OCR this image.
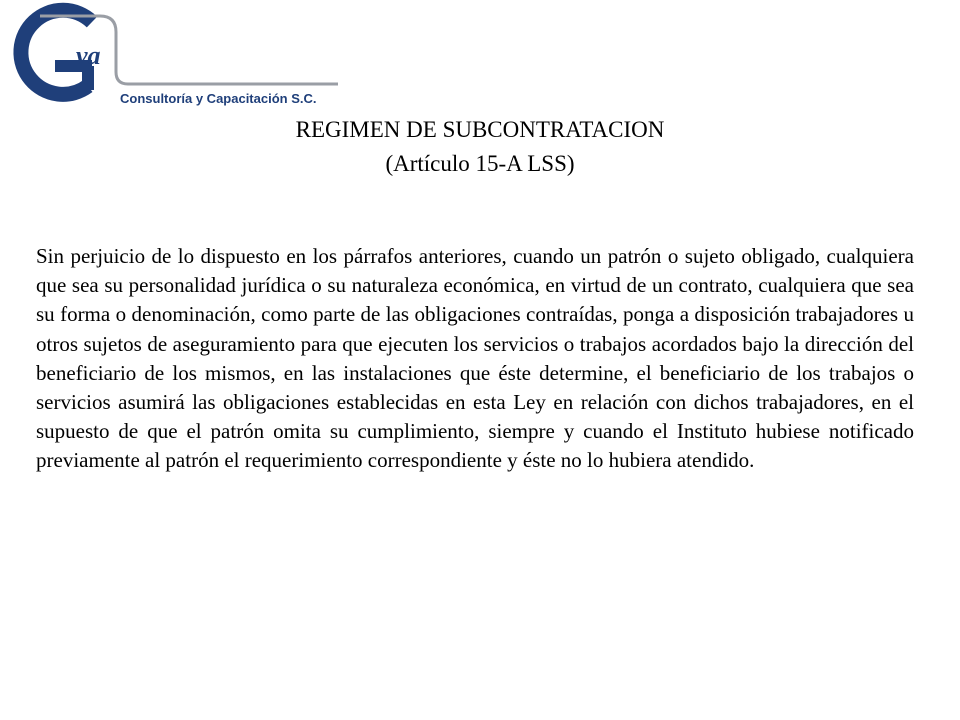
va
Consultoría y Capacitación S.C.
REGIMEN DE SUBCONTRATACION
(Artículo 15-A LSS)

Sin perjuicio de lo dispuesto en los párrafos anteriores, cuando un patrón o sujeto obligado, cualquiera que sea su personalidad jurídica o su naturaleza económica, en virtud de un contrato, cualquiera que sea su forma o denominación, como parte de las obligaciones contraídas, ponga a disposición trabajadores u otros sujetos de aseguramiento para que ejecuten los servicios o trabajos acordados bajo la dirección del beneficiario de los mismos, en las instalaciones que éste determine, el beneficiario de los trabajos o servicios asumirá las obligaciones establecidas en esta Ley en relación con dichos trabajadores, en el supuesto de que el patrón omita su cumplimiento, siempre y cuando el Instituto hubiese notificado previamente al patrón el requerimiento correspondiente y éste no lo hubiera atendido.
